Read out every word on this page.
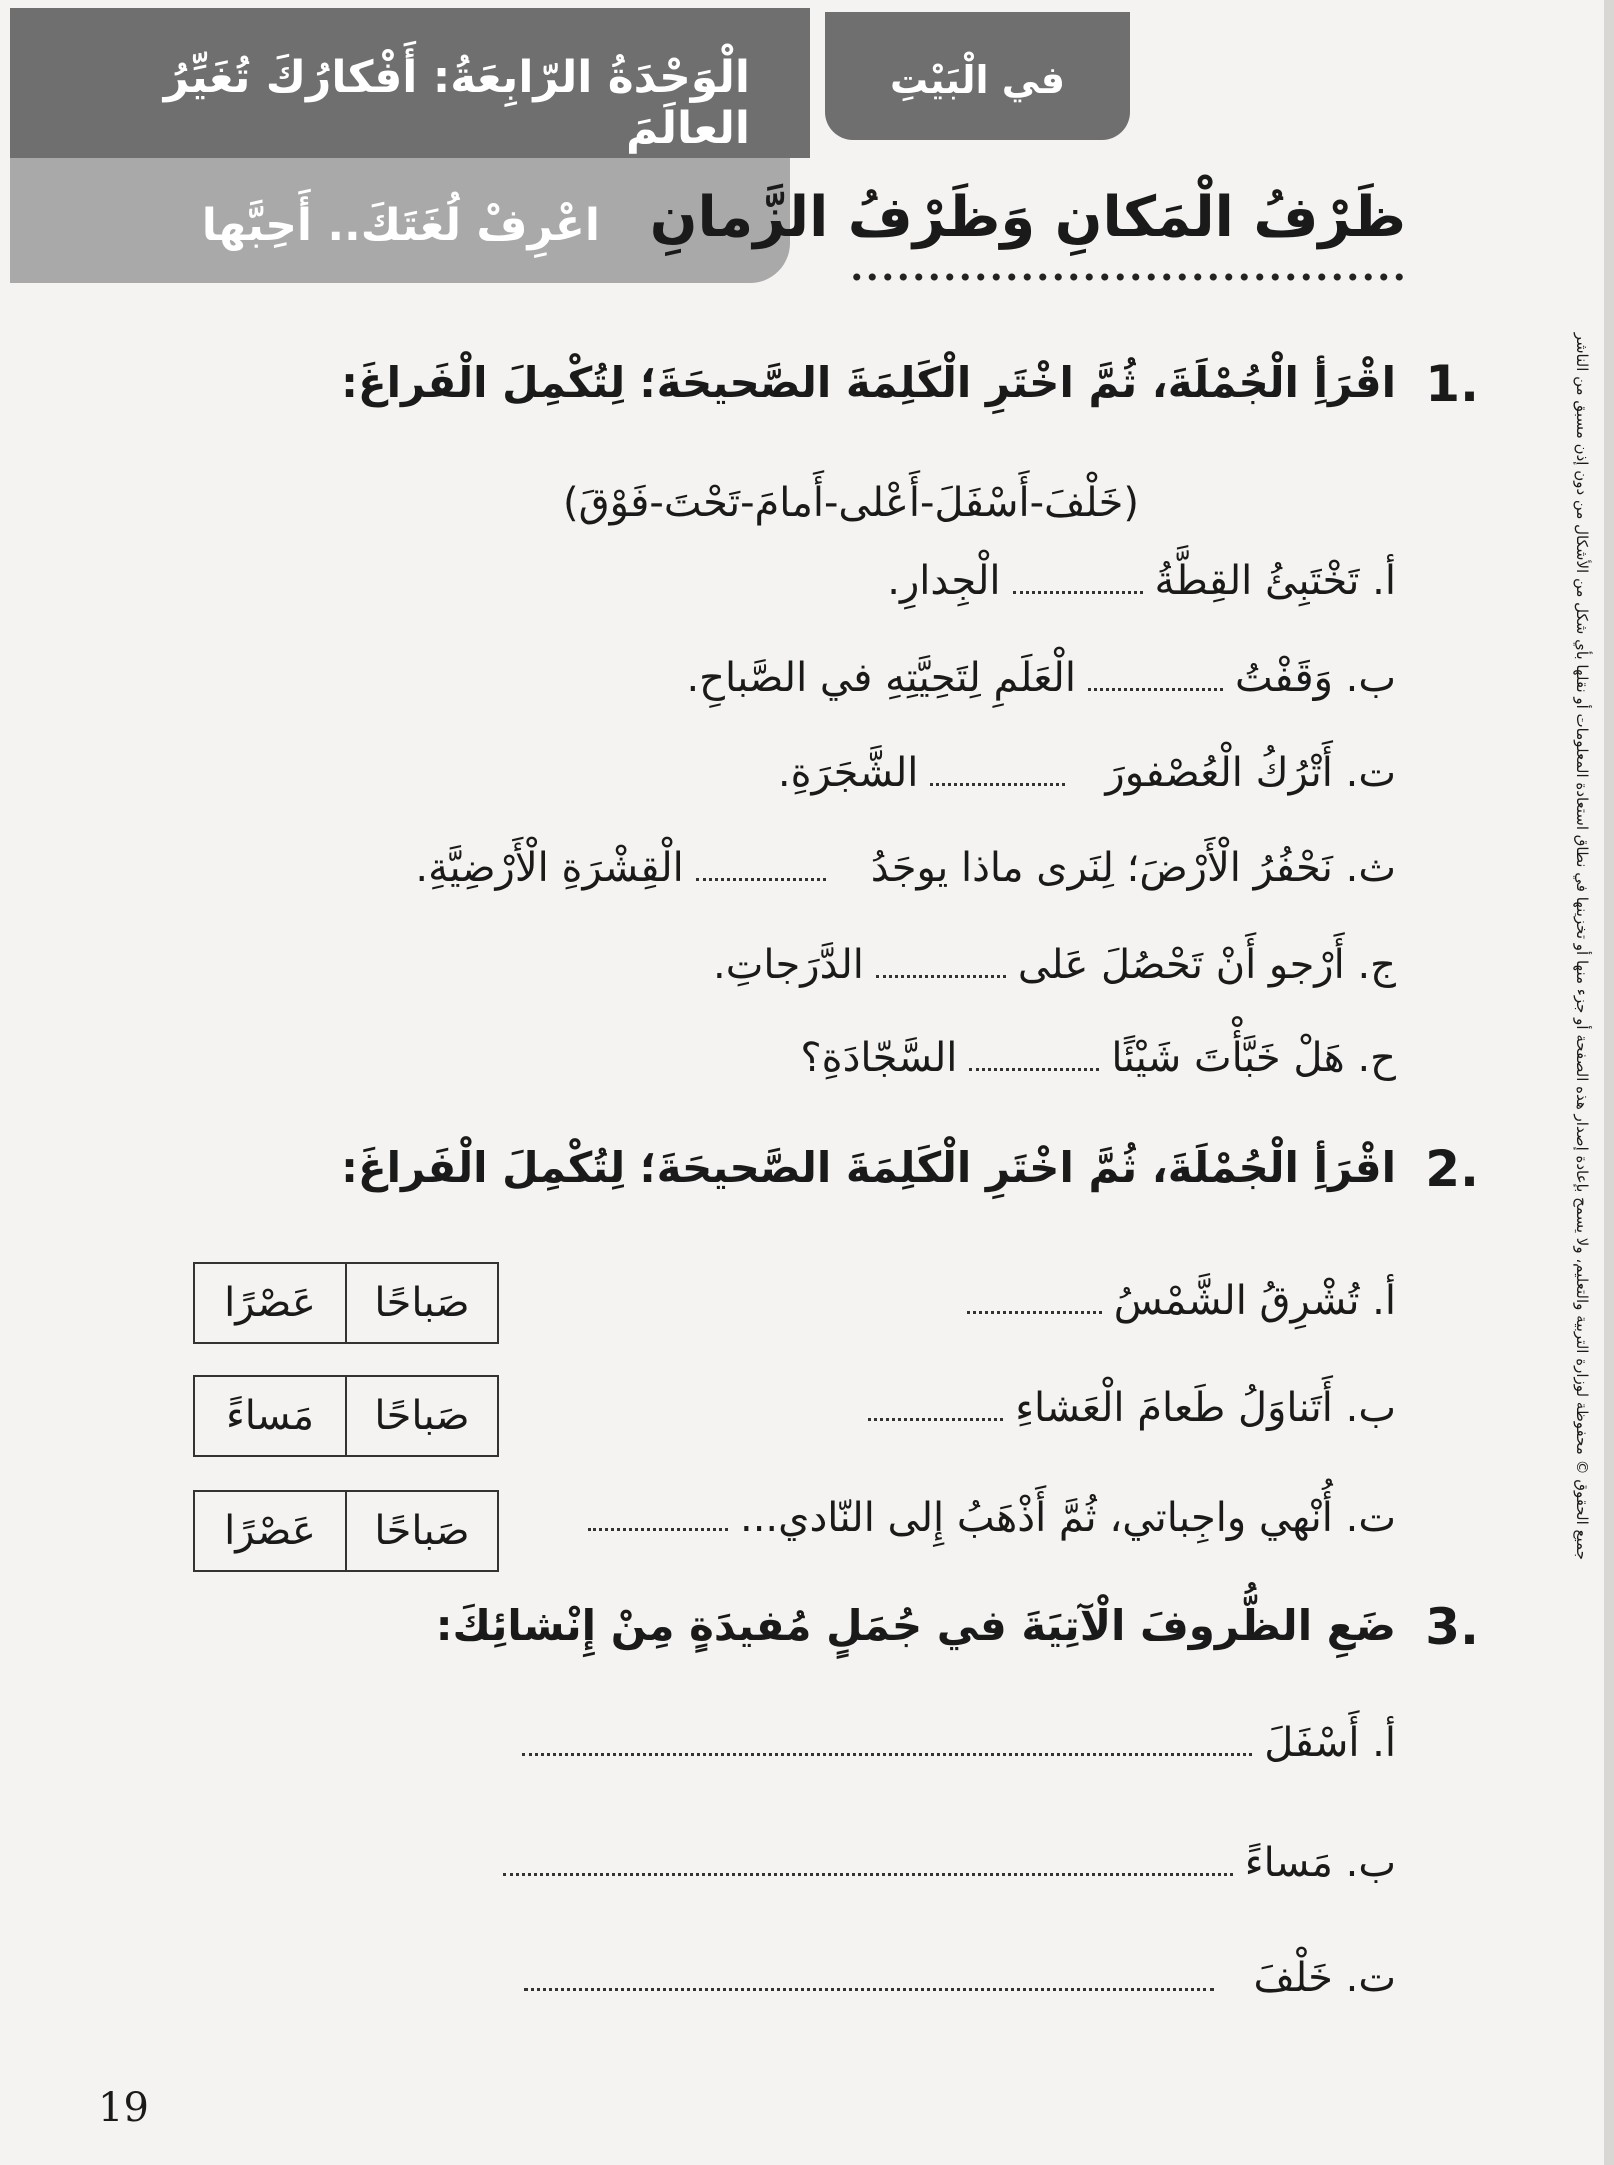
الْوَحْدَةُ الرّابِعَةُ: أَفْكارُكَ تُغَيِّرُ العالَمَ
اعْرِفْ لُغَتَكَ.. أَحِبَّها
في الْبَيْتِ
ظَرْفُ الْمَكانِ وَظَرْفُ الزَّمانِ
1.
اقْرَأِ الْجُمْلَةَ، ثُمَّ اخْتَرِ الْكَلِمَةَ الصَّحيحَةَ؛ لِتُكْمِلَ الْفَراغَ:
(خَلْفَ-أَسْفَلَ-أَعْلى-أَمامَ-تَحْتَ-فَوْقَ)
أ. تَخْتَبِئُ القِطَّةُالْجِدارِ.
ب. وَقَفْتُالْعَلَمِ لِتَحِيَّتِهِ في الصَّباحِ.
ت. أَتْرُكُ الْعُصْفورَالشَّجَرَةِ.
ث. نَحْفُرُ الْأَرْضَ؛ لِنَرى ماذا يوجَدُالْقِشْرَةِ الْأَرْضِيَّةِ.
ج. أَرْجو أَنْ تَحْصُلَ عَلىالدَّرَجاتِ.
ح. هَلْ خَبَّأْتَ شَيْئًاالسَّجّادَةِ؟
2.
اقْرَأِ الْجُمْلَةَ، ثُمَّ اخْتَرِ الْكَلِمَةَ الصَّحيحَةَ؛ لِتُكْمِلَ الْفَراغَ:
أ. تُشْرِقُ الشَّمْسُ
ب. أَتَناوَلُ طَعامَ الْعَشاءِ
ت. أُنْهي واجِباتي، ثُمَّ أَذْهَبُ إِلى النّادي...
صَباحًا	عَصْرًا
صَباحًا	مَساءً
صَباحًا	عَصْرًا
3.
ضَعِ الظُّروفَ الْآتِيَةَ في جُمَلٍ مُفيدَةٍ مِنْ إِنْشائِكَ:
أ. أَسْفَلَ
ب. مَساءً
ت. خَلْفَ
19
جميع الحقوق © محفوظة لوزارة التربية والتعليم، ولا يسمح بإعادة إصدار هذه الصفحة أو جزء منها أو تخزينها في نطاق استعادة المعلومات أو نقلها بأي شكل من الأشكال من دون إذن مسبق من الناشر
